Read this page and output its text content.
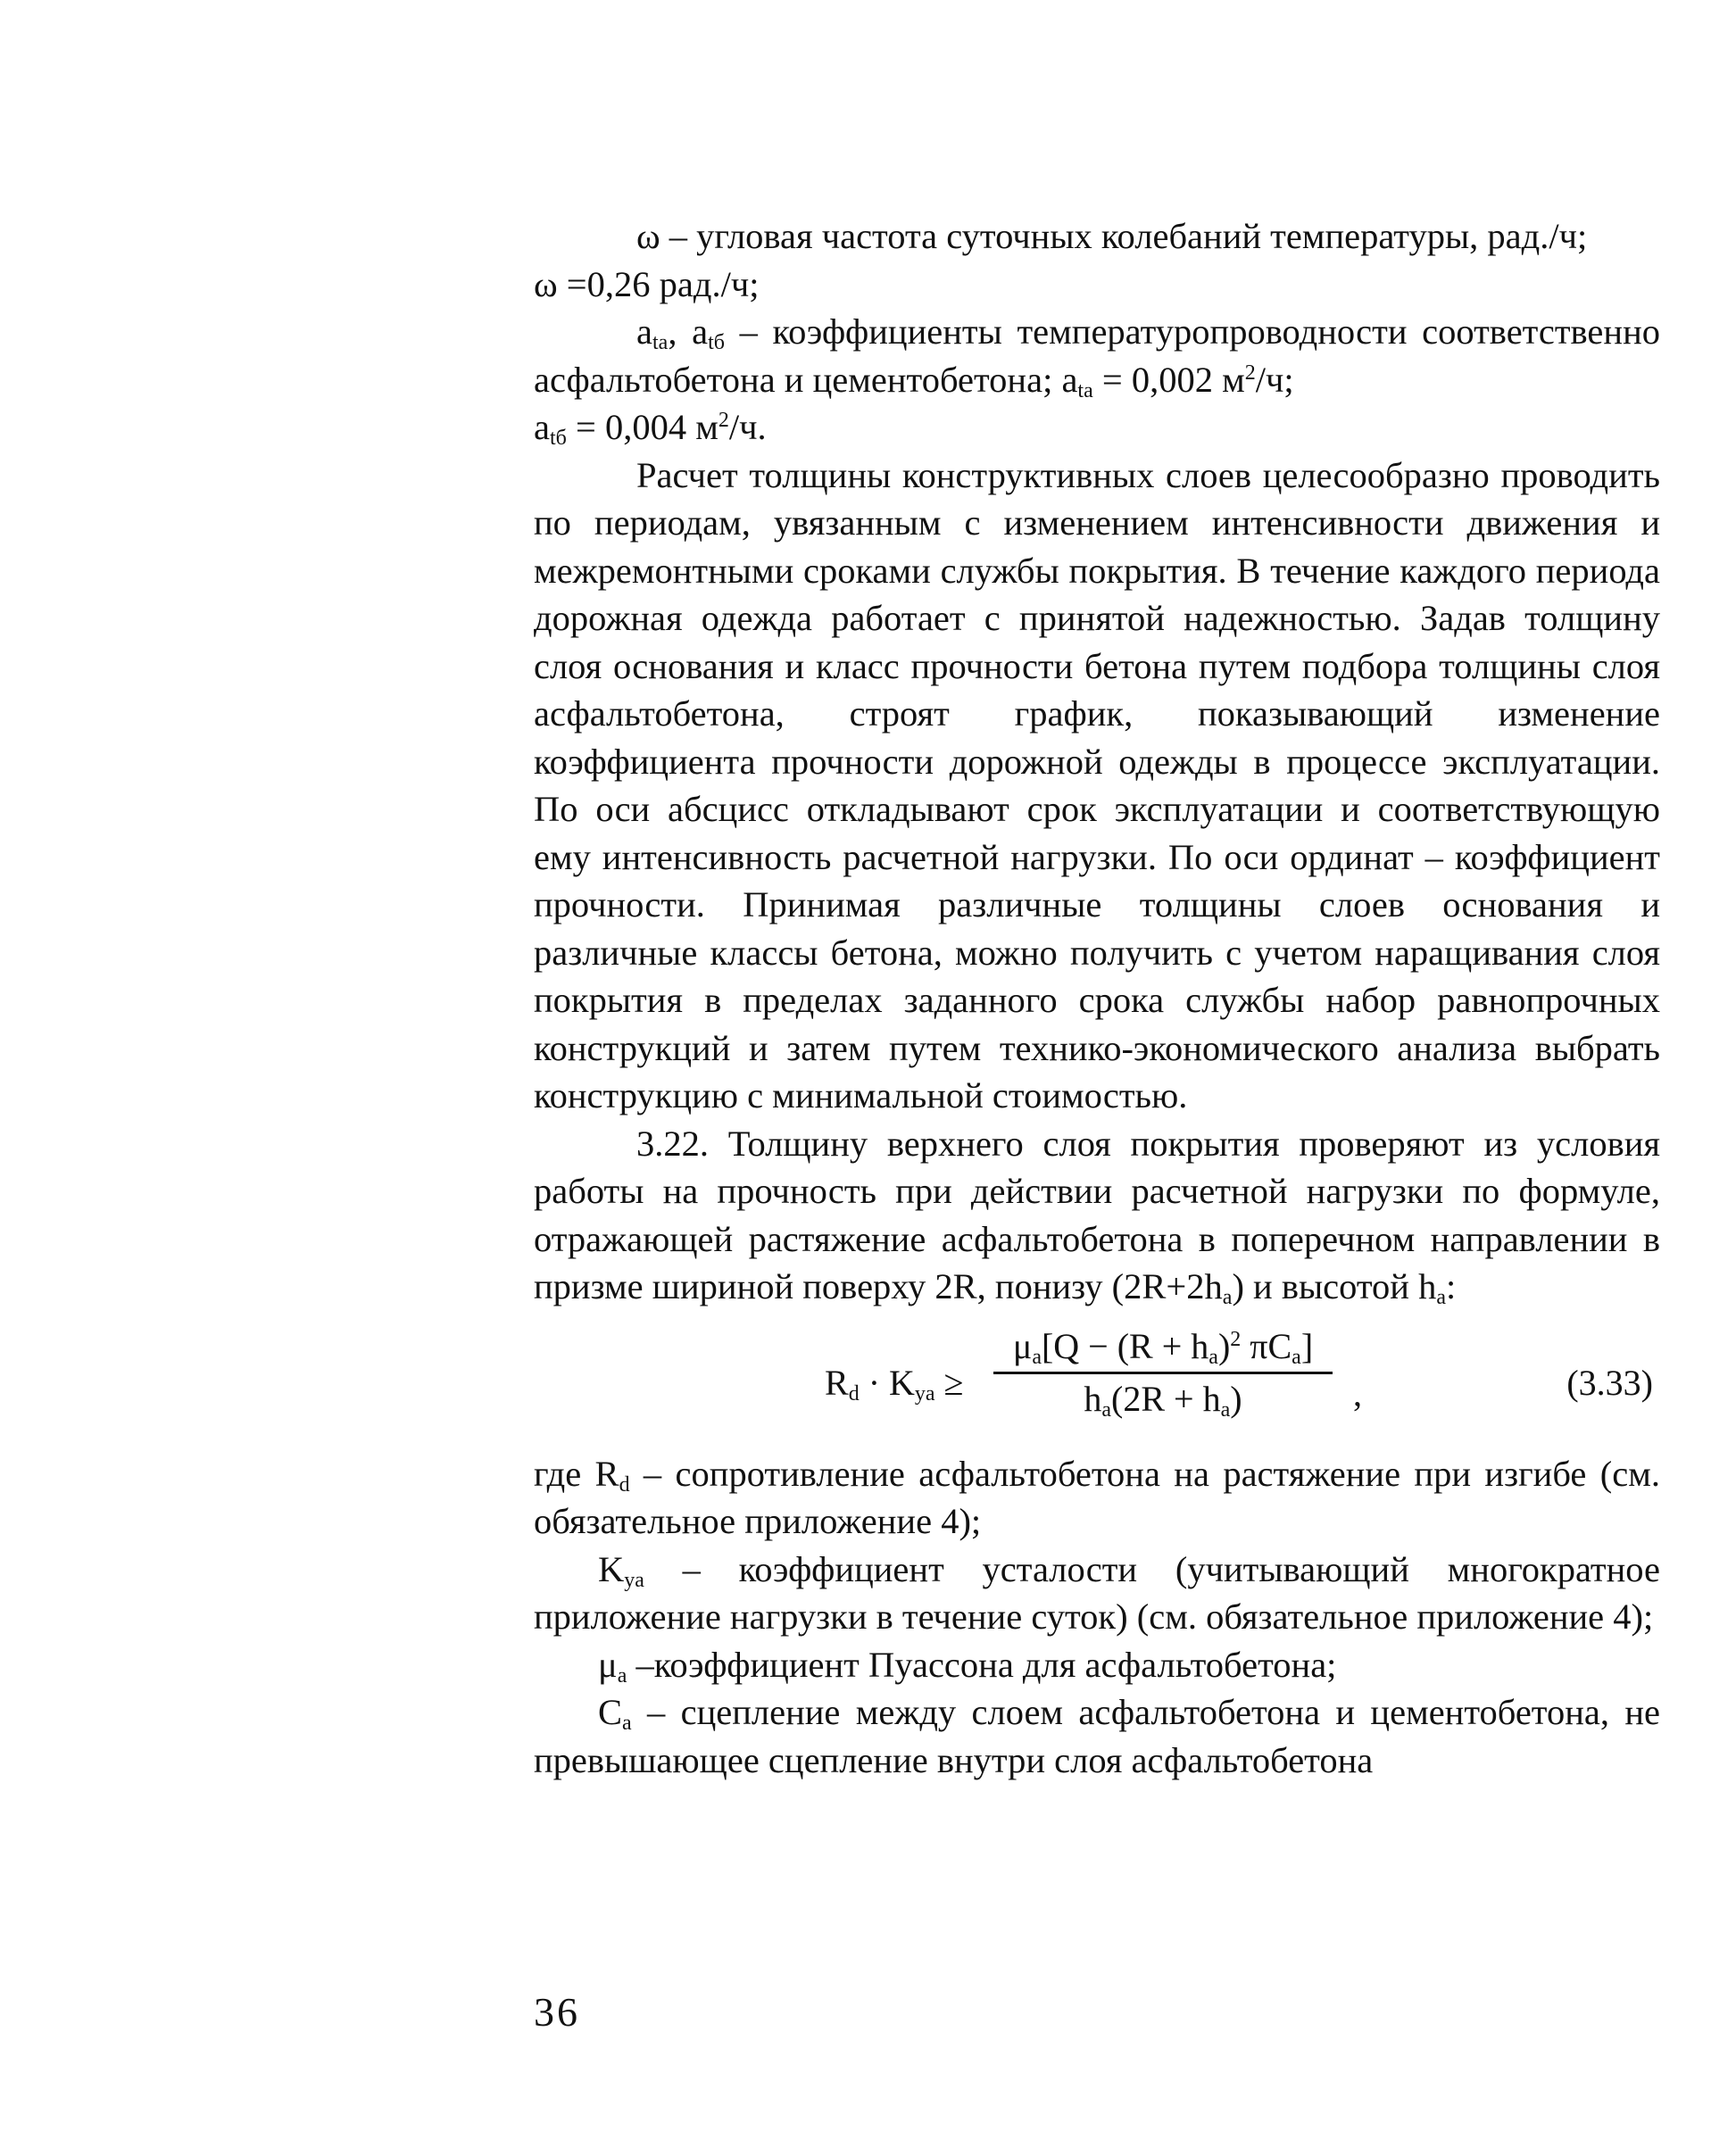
ω – угловая частота суточных колебаний температуры, рад./ч;

ω =0,26 рад./ч;

$a_{ta}$, $a_{tб}$ – коэффициенты температуропроводности соответственно асфальтобетона и цементобетона; $a_{ta} = 0,002$ $м^2/ч$;

$a_{tб} = 0,004$ $м^2/ч$.

Расчет толщины конструктивных слоев целесообразно проводить по периодам, увязанным с изменением интенсивности движения и межремонтными сроками службы покрытия. В течение каждого периода дорожная одежда работает с принятой надежностью. Задав толщину слоя основания и класс прочности бетона путем подбора толщины слоя асфальтобетона, строят график, показывающий изменение коэффициента прочности дорожной одежды в процессе эксплуатации. По оси абсцисс откладывают срок эксплуатации и соответствующую ему интенсивность расчетной нагрузки. По оси ординат – коэффициент прочности. Принимая различные толщины слоев основания и различные классы бетона, можно получить с учетом наращивания слоя покрытия в пределах заданного срока службы набор равнопрочных конструкций и затем путем технико-экономического анализа выбрать конструкцию с минимальной стоимостью.

3.22. Толщину верхнего слоя покрытия проверяют из условия работы на прочность при действии расчетной нагрузки по формуле, отражающей растяжение асфальтобетона в поперечном направлении в призме шириной поверху 2R, понизу $(2R+2h_a)$ и высотой $h_a$:

$R_d \cdot K_{уa}$ ≥
$\mu_a[Q - (R + h_a)^2$ $\pi C_a$]
$h_a(2R + h_a)$	,	(3.33)

где $R_d$ – сопротивление асфальтобетона на растяжение при изгибе (см. обязательное приложение 4);

$K_{уa}$ – коэффициент усталости (учитывающий многократное приложение нагрузки в течение суток) (см. обязательное приложение 4);

$\mu_a$ –коэффициент Пуассона для асфальтобетона;

$C_a$ – сцепление между слоем асфальтобетона и цементобетона, не превышающее сцепление внутри слоя асфальтобетона

36
